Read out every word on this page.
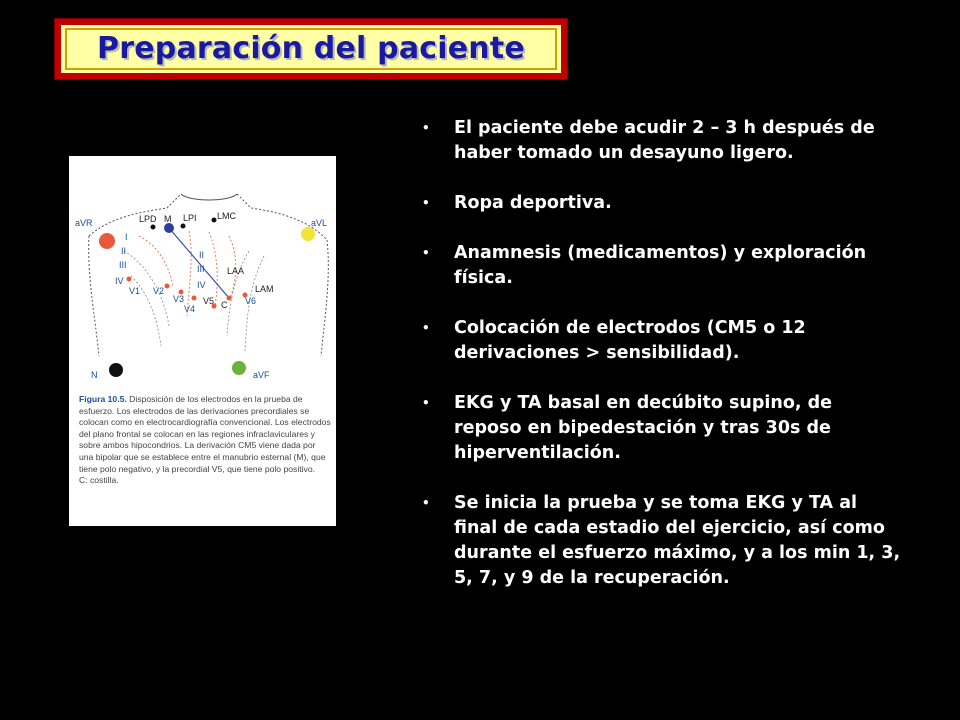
Preparación del paciente
aVR	aVL
N	aVF
LPD M LPI LMC
LAA
LAM
I
II
III
IV
II
III
IV
V1 V2
V3
V4
V5	V6
C
Figura 10.5. Disposición de los electrodos en la prueba de esfuerzo. Los electrodos de las derivaciones precordiales se colocan como en electrocardiografía convencional. Los electrodos del plano frontal se colocan en las regiones infraclaviculares y sobre ambos hipocondrios. La derivación CM5 viene dada por una bipolar que se establece entre el manubrio esternal (M), que tiene polo negativo, y la precordial V5, que tiene polo positivo.
C: costilla.
• El paciente debe acudir 2 – 3 h después de haber tomado un desayuno ligero.
• Ropa deportiva.
• Anamnesis (medicamentos) y exploración física.
• Colocación de electrodos (CM5 o 12 derivaciones > sensibilidad).
• EKG y TA basal en decúbito supino, de reposo en bipedestación y tras 30s de hiperventilación.
• Se inicia la prueba y se toma EKG y TA al final de cada estadio del ejercicio, así como durante el esfuerzo máximo, y a los min 1, 3, 5, 7, y 9 de la recuperación.
